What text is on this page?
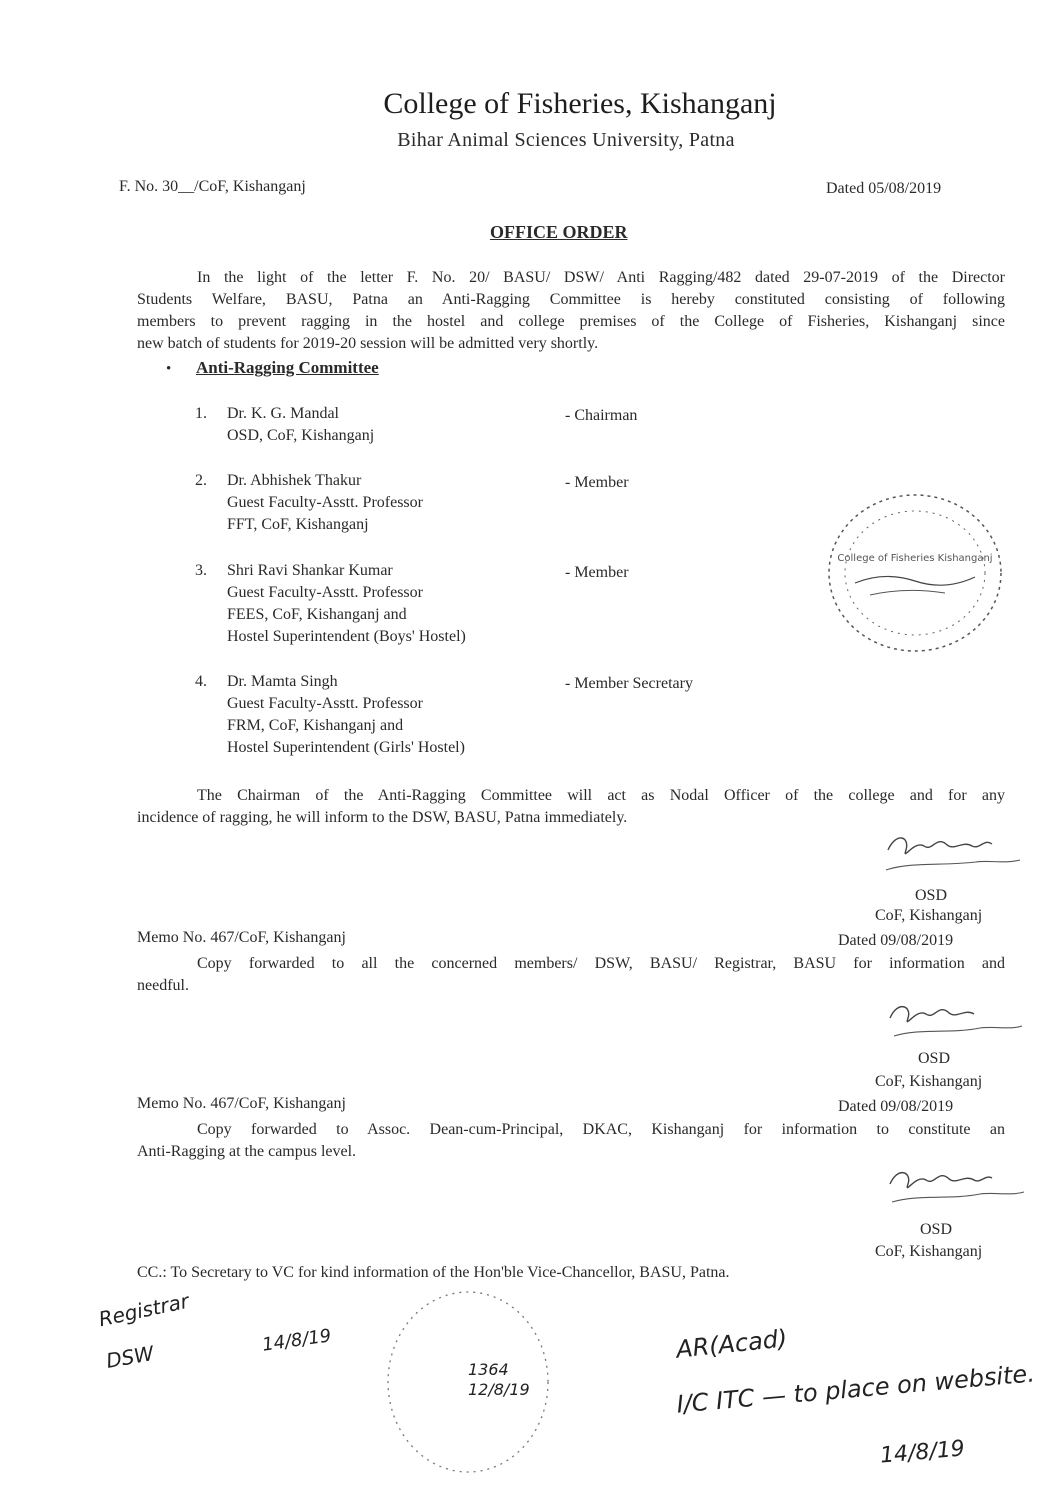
College of Fisheries, Kishanganj
Bihar Animal Sciences University, Patna
F. No. 30__/CoF, Kishanganj	Dated 05/08/2019
OFFICE ORDER
In the light of the letter F. No. 20/ BASU/ DSW/ Anti Ragging/482 dated 29-07-2019 of the Director
Students Welfare, BASU, Patna an Anti-Ragging Committee is hereby constituted consisting of following
members to prevent ragging in the hostel and college premises of the College of Fisheries, Kishanganj since
new batch of students for 2019-20 session will be admitted very shortly.
• Anti-Ragging Committee
1.	Dr. K. G. Mandal
OSD, CoF, Kishanganj
- Chairman
2.	Dr. Abhishek Thakur
Guest Faculty-Asstt. Professor
FFT, CoF, Kishanganj
- Member
3.	Shri Ravi Shankar Kumar
Guest Faculty-Asstt. Professor
FEES, CoF, Kishanganj and
Hostel Superintendent (Boys' Hostel)
- Member
4.	Dr. Mamta Singh
Guest Faculty-Asstt. Professor
FRM, CoF, Kishanganj and
Hostel Superintendent (Girls' Hostel)
- Member Secretary
College of Fisheries Kishanganj
The Chairman of the Anti-Ragging Committee will act as Nodal Officer of the college and for any
incidence of ragging, he will inform to the DSW, BASU, Patna immediately.
OSD
CoF, Kishanganj
Memo No. 467/CoF, Kishanganj	Dated 09/08/2019
Copy forwarded to all the concerned members/ DSW, BASU/ Registrar, BASU for information and
needful.
OSD
CoF, Kishanganj
Memo No. 467/CoF, Kishanganj	Dated 09/08/2019
Copy forwarded to Assoc. Dean-cum-Principal, DKAC, Kishanganj for information to constitute an
Anti-Ragging at the campus level.
OSD
CoF, Kishanganj
CC.: To Secretary to VC for kind information of the Hon'ble Vice-Chancellor, BASU, Patna.
Registrar
DSW
14/8/19
1364 12/8/19
AR(Acad)
I/C ITC — to place on website.
14/8/19
